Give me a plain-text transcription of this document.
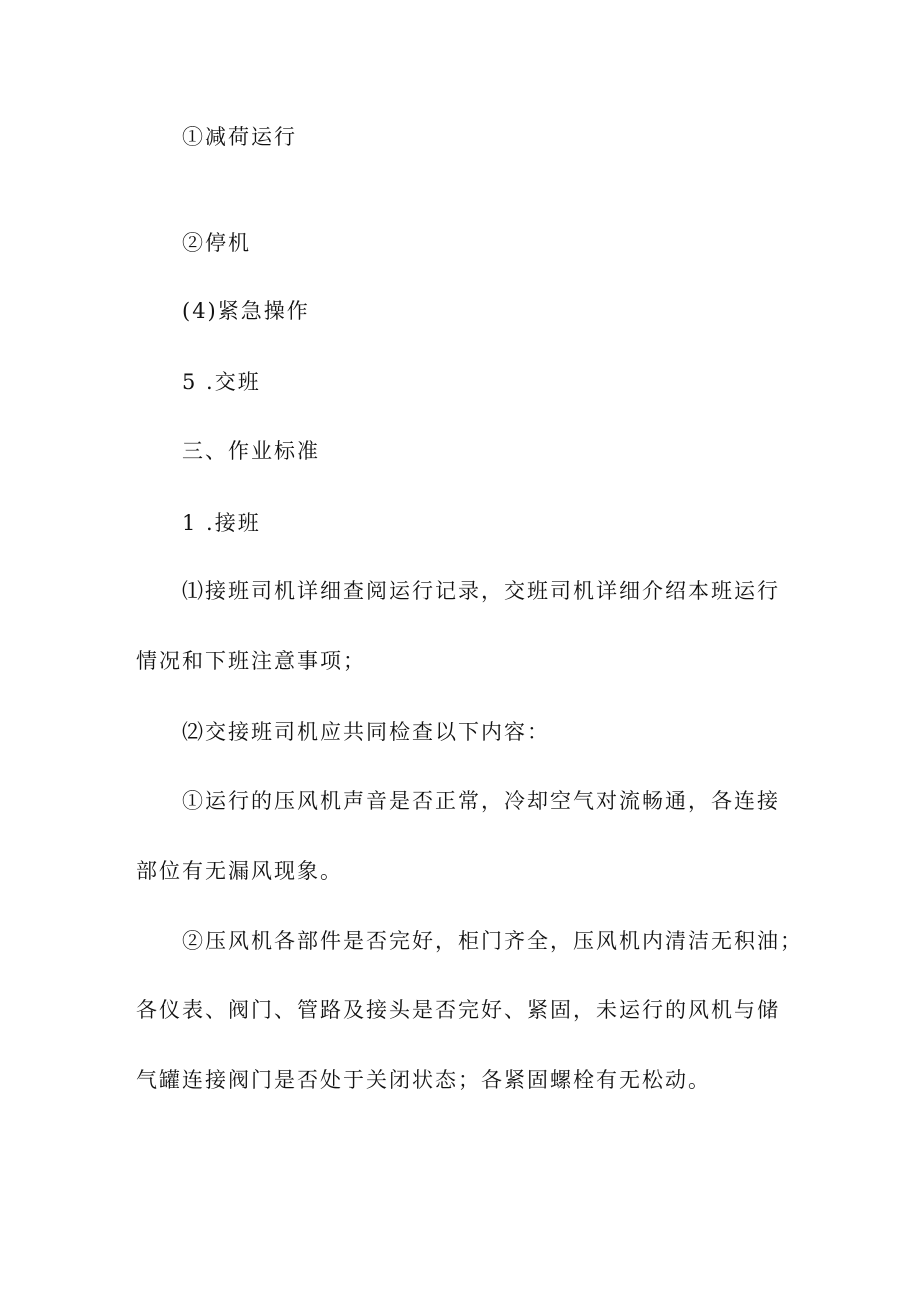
①减荷运行
②停机
(4)紧急操作
5 .交班
三、作业标准
1 .接班
⑴接班司机详细查阅运行记录，交班司机详细介绍本班运行
情况和下班注意事项；
⑵交接班司机应共同检查以下内容：
①运行的压风机声音是否正常，冷却空气对流畅通，各连接
部位有无漏风现象。
②压风机各部件是否完好，柜门齐全，压风机内清洁无积油；
各仪表、阀门、管路及接头是否完好、紧固，未运行的风机与储
气罐连接阀门是否处于关闭状态；各紧固螺栓有无松动。
